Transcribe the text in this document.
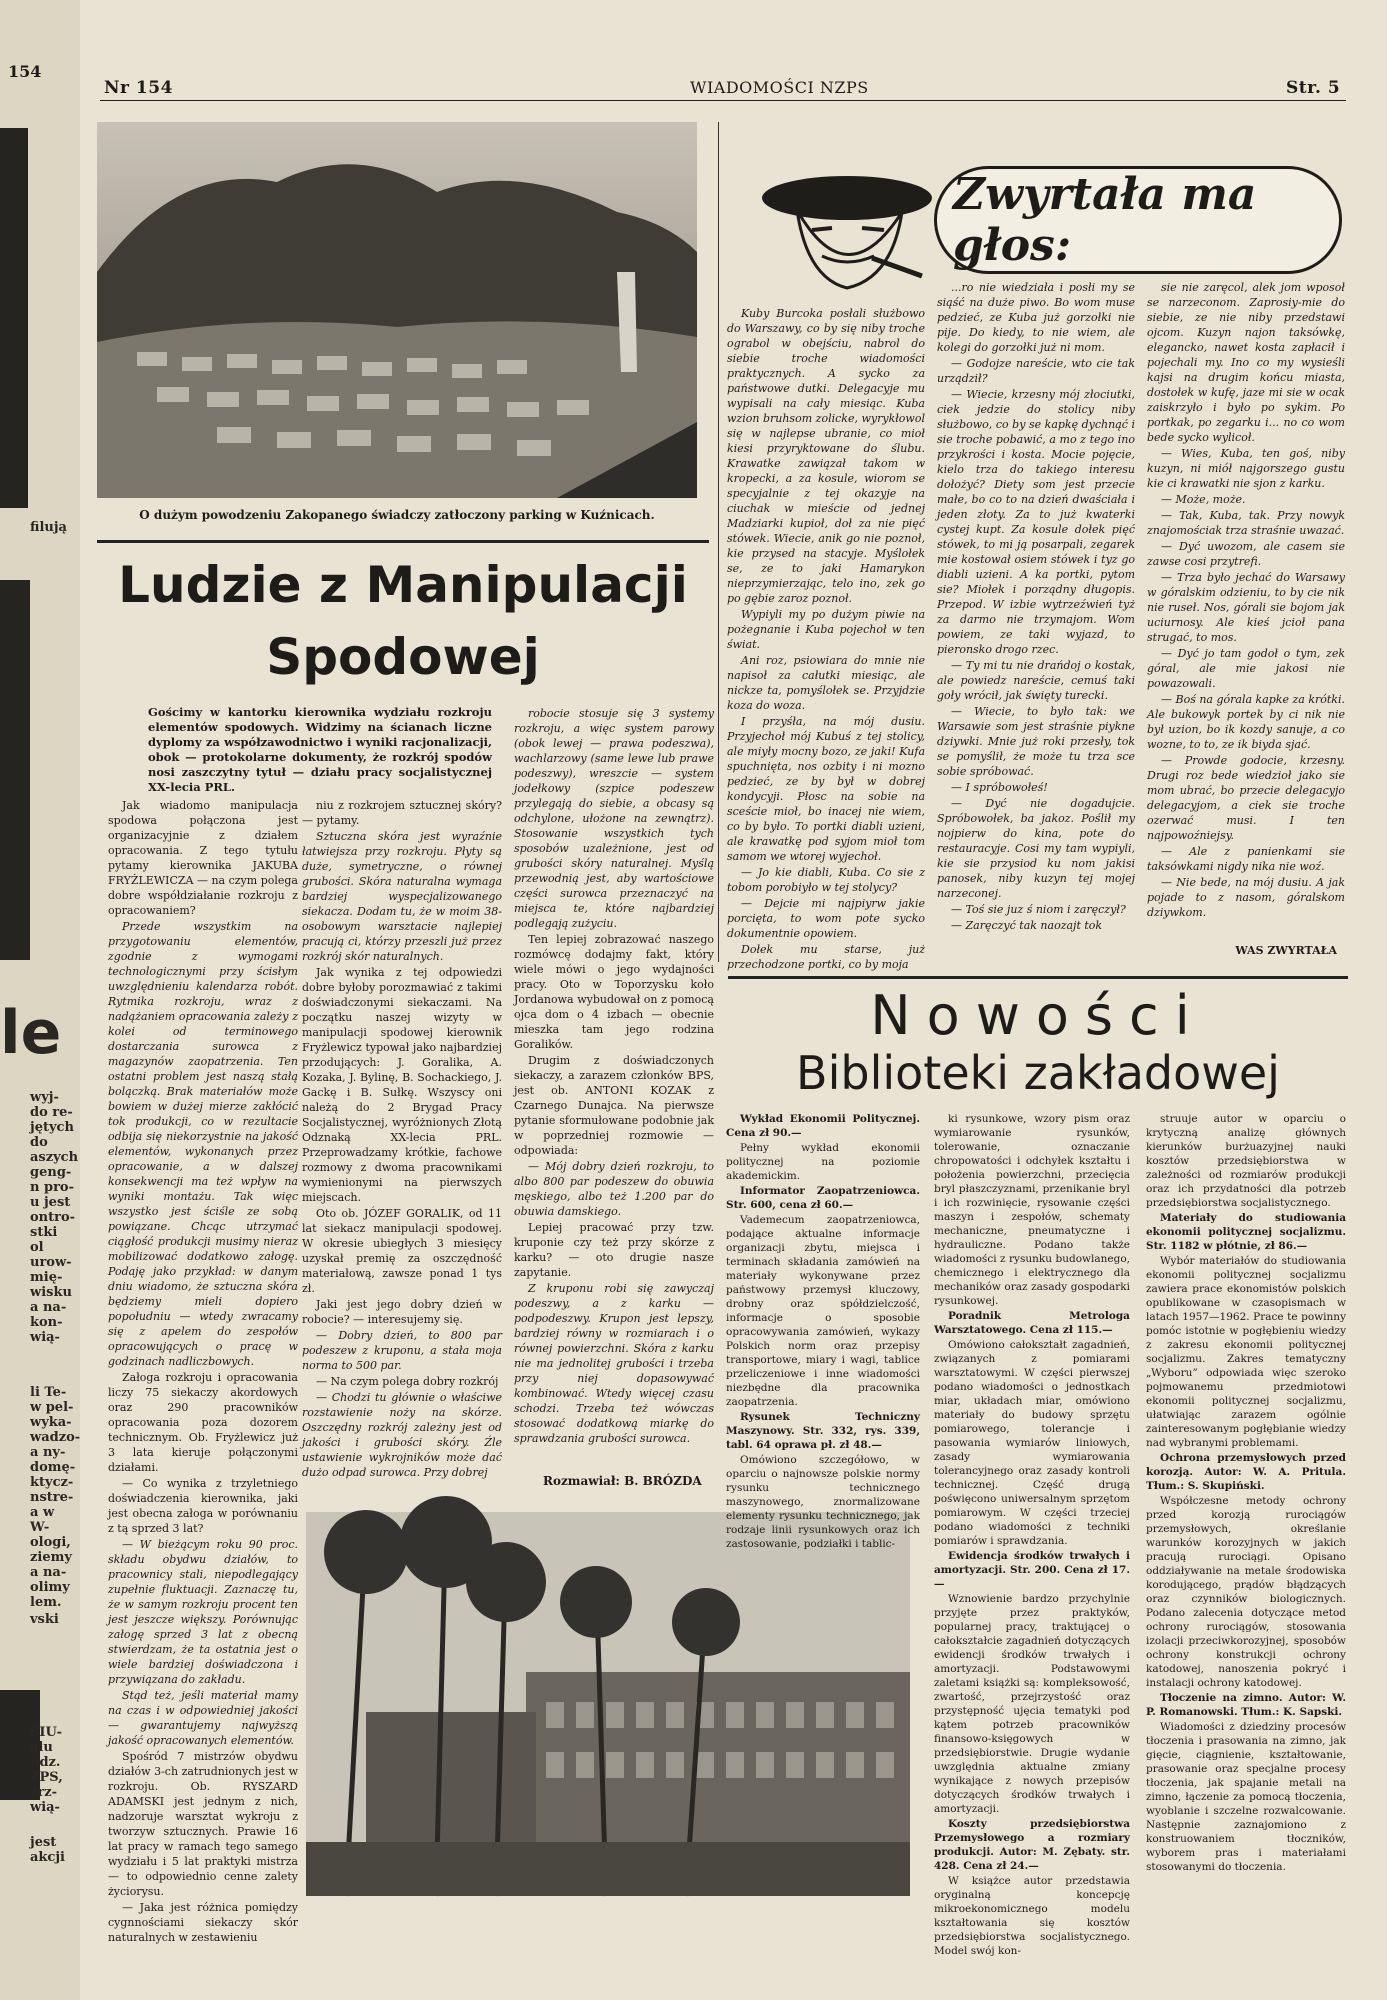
filują
le
wyj-
do re-
jętych
do
aszych
geng-
n pro-
u jest
ontro-
stki
ol
urow-
mię-
wisku
a na-
kon-
wią-
li Te-
w pel-
wyka-
wadzo-
a ny-
domę-
ktycz-
nstre-
a w
W-
ologi,
ziemy
a na-
olimy
lem.
vski
SIU-
alu
udz.
ZPS,
zrz-
wią-
jest
akcji
154
Nr 154	WIADOMOŚCI NZPS	Str. 5
O dużym powodzeniu Zakopanego świadczy zatłoczony parking w Kuźnicach.
Ludzie z Manipulacji
Spodowej
Gościmy w kantorku kierownika wydziału rozkroju elementów spodowych. Widzimy na ścianach liczne dyplomy za współzawodnictwo i wyniki racjonalizacji, obok — protokolarne dokumenty, że rozkrój spodów nosi zaszczytny tytuł — działu pracy socjalistycznej XX-lecia PRL.

Jak wiadomo manipulacja spodowa połączona jest organizacyjnie z działem opracowania. Z tego tytułu pytamy kierownika JAKUBA FRYŻLEWICZA — na czym polega dobre współdziałanie rozkroju z opracowaniem?

Przede wszystkim na przygotowaniu elementów, zgodnie z wymogami technologicznymi przy ścisłym uwzględnieniu kalendarza robót. Rytmika rozkroju, wraz z nadążaniem opracowania zależy z kolei od terminowego dostarczania surowca z magazynów zaopatrzenia. Ten ostatni problem jest naszą stałą bolączką. Brak materiałów może bowiem w dużej mierze zakłócić tok produkcji, co w rezultacie odbija się niekorzystnie na jakość elementów, wykonanych przez opracowanie, a w dalszej konsekwencji ma też wpływ na wyniki montażu. Tak więc wszystko jest ściśle ze sobą powiązane. Chcąc utrzymać ciągłość produkcji musimy nieraz mobilizować dodatkowo załogę. Podaję jako przykład: w danym dniu wiadomo, że sztuczna skóra będziemy mieli dopiero popołudniu — wtedy zwracamy się z apelem do zespołów opracowujących o pracę w godzinach nadliczbowych.

Załoga rozkroju i opracowania liczy 75 siekaczy akordowych oraz 290 pracowników opracowania poza dozorem technicznym. Ob. Fryżlewicz już 3 lata kieruje połączonymi działami.

— Co wynika z trzyletniego doświadczenia kierownika, jaki jest obecna załoga w porównaniu z tą sprzed 3 lat?

— W bieżącym roku 90 proc. składu obydwu działów, to pracownicy stali, niepodlegający zupełnie fluktuacji. Zaznaczę tu, że w samym rozkroju procent ten jest jeszcze większy. Porównując załogę sprzed 3 lat z obecną stwierdzam, że ta ostatnia jest o wiele bardziej doświadczona i przywiązana do zakładu.

Stąd też, jeśli materiał mamy na czas i w odpowiedniej jakości — gwarantujemy najwyższą jakość opracowanych elementów.

Spośród 7 mistrzów obydwu działów 3-ch zatrudnionych jest w rozkroju. Ob. RYSZARD ADAMSKI jest jednym z nich, nadzoruje warsztat wykroju z tworzyw sztucznych. Prawie 16 lat pracy w ramach tego samego wydziału i 5 lat praktyki mistrza — to odpowiednio cenne zalety życiorysu.

— Jaka jest różnica pomiędzy cygnnościami siekaczy skór naturalnych w zestawieniu

niu z rozkrojem sztucznej skóry? — pytamy.

Sztuczna skóra jest wyraźnie łatwiejsza przy rozkroju. Płyty są duże, symetryczne, o równej grubości. Skóra naturalna wymaga bardziej wyspecjalizowanego siekacza. Dodam tu, że w moim 38-osobowym warsztacie najlepiej pracują ci, którzy przeszli już przez rozkrój skór naturalnych.

Jak wynika z tej odpowiedzi dobre byłoby porozmawiać z takimi doświadczonymi siekaczami. Na początku naszej wizyty w manipulacji spodowej kierownik Fryżlewicz typował jako najbardziej przodujących: J. Goralika, A. Kozaka, J. Bylinę, B. Sochackiego, J. Gackę i B. Sułkę. Wszyscy oni należą do 2 Brygad Pracy Socjalistycznej, wyróżnionych Złotą Odznaką XX-lecia PRL. Przeprowadzamy krótkie, fachowe rozmowy z dwoma pracownikami wymienionymi na pierwszych miejscach.

Oto ob. JÓZEF GORALIK, od 11 lat siekacz manipulacji spodowej. W okresie ubiegłych 3 miesięcy uzyskał premię za oszczędność materiałową, zawsze ponad 1 tys zł.

Jaki jest jego dobry dzień w robocie? — interesujemy się.

— Dobry dzień, to 800 par podeszew z kruponu, a stała moja norma to 500 par.

— Na czym polega dobry rozkrój

— Chodzi tu głównie o właściwe rozstawienie noży na skórze. Oszczędny rozkrój zależny jest od jakości i grubości skóry. Źle ustawienie wykrojników może dać dużo odpad surowca. Przy dobrej

robocie stosuje się 3 systemy rozkroju, a więc system parowy (obok lewej — prawa podeszwa), wachlarzowy (same lewe lub prawe podeszwy), wreszcie — system jodełkowy (szpice podeszew przylegają do siebie, a obcasy są odchylone, ułożone na zewnątrz). Stosowanie wszystkich tych sposobów uzależnione, jest od grubości skóry naturalnej. Myślą przewodnią jest, aby wartościowe części surowca przeznaczyć na miejsca te, które najbardziej podlegają zużyciu.

Ten lepiej zobrazować naszego rozmówcę dodajmy fakt, który wiele mówi o jego wydajności pracy. Oto w Toporzysku koło Jordanowa wybudował on z pomocą ojca dom o 4 izbach — obecnie mieszka tam jego rodzina Goralików.

Drugim z doświadczonych siekaczy, a zarazem członków BPS, jest ob. ANTONI KOZAK z Czarnego Dunajca. Na pierwsze pytanie sformułowane podobnie jak w poprzedniej rozmowie — odpowiada:

— Mój dobry dzień rozkroju, to albo 800 par podeszew do obuwia męskiego, albo też 1.200 par do obuwia damskiego.

Lepiej pracować przy tzw. kruponie czy też przy skórze z karku? — oto drugie nasze zapytanie.

Z kruponu robi się zawyczaj podeszwy, a z karku — podpodeszwy. Krupon jest lepszy, bardziej równy w rozmiarach i o równej powierzchni. Skóra z karku nie ma jednolitej grubości i trzeba przy niej dopasowywać kombinować. Wtedy więcej czasu schodzi. Trzeba też wówczas stosować dodatkową miarkę do sprawdzania grubości surowca.

Rozmawiał: B. BRÓZDA
Zwyrtała ma głos:

Kuby Burcoka posłali służbowo do Warszawy, co by się niby troche ograbol w obejściu, nabrol do siebie troche wiadomości praktycznych. A sycko za państwowe dutki. Delegacyje mu wypisali na cały miesiąc. Kuba wzion bruhsom zolicke, wyrykłowol się w najlepse ubranie, co mioł kiesi przyryktowane do ślubu. Krawatke zawiązał takom w kropecki, a za kosule, wiorom se specyjalnie z tej okazyje na ciuchak w mieście od jednej Madziarki kupioł, doł za nie pięć stówek. Wiecie, anik go nie poznoł, kie przysed na stacyje. Myślołek se, ze to jaki Hamarykon nieprzymierzając, telo ino, zek go po gębie zaroz poznoł.

Wypiyli my po dużym piwie na pożegnanie i Kuba pojechoł w ten świat.

Ani roz, psiowiara do mnie nie napisoł za całutki miesiąc, ale nickze ta, pomyślołek se. Przyjdzie koza do woza.

I przyśła, na mój dusiu. Przyjechoł mój Kubuś z tej stolicy, ale miyły mocny bozo, ze jaki! Kufa spuchnięta, nos ozbity i ni mozno pedzieć, ze by był w dobrej kondycyji. Płosc na sobie na sceście mioł, bo inacej nie wiem, co by było. To portki diabli uzieni, ale krawatkę pod syjom mioł tom samom we wtorej wyjechoł.

— Jo kie diabli, Kuba. Co sie z tobom porobiyło w tej stolycy?

— Dejcie mi najpiyrw jakie porcięta, to wom pote sycko dokumentnie opowiem.

Dołek mu starse, już przechodzone portki, co by moja

...ro nie wiedziała i posłi my se siąść na duże piwo. Bo wom muse pedzieć, ze Kuba już gorzołki nie pije. Do kiedy, to nie wiem, ale kolegi do gorzołki już ni mom.

— Godojze nareście, wto cie tak urządził?

— Wiecie, krzesny mój złociutki, ciek jedzie do stolicy niby służbowo, co by se kapkę dychnąć i sie troche pobawić, a mo z tego ino przykrości i kosta. Mocie pojęcie, kielo trza do takiego interesu dołożyć? Diety som jest przecie małe, bo co to na dzień dwaściała i jeden złoty. Za to już kwaterki cystej kupt. Za kosule dołek pięć stówek, to mi ją posarpali, zegarek mie kostował osiem stówek i tyz go diabli uzieni. A ka portki, pytom sie? Miołek i porządny długopis. Przepod. W izbie wytrzeźwień tyż za darmo nie trzymajom. Wom powiem, ze taki wyjazd, to pieronsko drogo rzec.

— Ty mi tu nie drańdoj o kostak, ale powiedz nareście, cemuś taki goły wrócił, jak święty turecki.

— Wiecie, to było tak: we Warsawie som jest straśnie piykne dziywki. Mnie już roki przesły, tok se pomyślił, że może tu trza sce sobie spróbować.

— I spróbowołeś!

— Dyć nie dogadujcie. Spróbowołek, ba jakoz. Poślił my nojpierw do kina, pote do restauracyje. Cosi my tam wypiyli, kie sie przysiod ku nom jakisi panosek, niby kuzyn tej mojej narzeconej.

— Toś sie juz ś niom i zaręczył?

— Zaręczyć tak naozajt tok

sie nie zaręcol, alek jom wposoł se narzeconom. Zaprosiy-mie do siebie, ze nie niby przedstawi ojcom. Kuzyn najon taksówkę, elegancko, nawet kosta zapłacił i pojechali my. Ino co my wysieśli kajsi na drugim końcu miasta, dostołek w kufę, jaze mi sie w ocak zaiskrzyło i było po sykim. Po portkak, po zegarku i... no co wom bede sycko wylicoł.

— Wies, Kuba, ten goś, niby kuzyn, ni miół najgorszego gustu kie ci krawatki nie sjon z karku.

— Może, może.

— Tak, Kuba, tak. Przy nowyk znajomościak trza straśnie uwazać.

— Dyć uwozom, ale casem sie zawse cosi przytrefi.

— Trza było jechać do Warsawy w góralskim odzieniu, to by cie nik nie ruseł. Nos, górali sie bojom jak uciurnosy. Ale kieś jcioł pana strugać, to mos.

— Dyć jo tam godoł o tym, zek góral, ale mie jakosi nie powazowali.

— Boś na górala kapke za krótki. Ale bukowyk portek by ci nik nie był uzion, bo ik kozdy sanuje, a co wozne, to to, ze ik biyda sjać.

— Prowde godocie, krzesny. Drugi roz bede wiedzioł jako sie mom ubrać, bo przecie delegacyjo delegacyjom, a ciek sie troche ozerwać musi. I ten najpowoźniejsy.

— Ale z panienkami sie taksówkami nigdy nika nie woź.

— Nie bede, na mój dusiu. A jak pojade to z nasom, góralskom dziywkom.

WAS ZWYRTAŁA
Nowości
Biblioteki zakładowej

Wykład Ekonomii Politycznej. Cena zł 90.—

Pełny wykład ekonomii politycznej na poziomie akademickim.

Informator Zaopatrzeniowca. Str. 600, cena zł 60.—

Vademecum zaopatrzeniowca, podające aktualne informacje organizacji zbytu, miejsca i terminach składania zamówień na materiały wykonywane przez państwowy przemysł kluczowy, drobny oraz spółdzielczość, informacje o sposobie opracowywania zamówień, wykazy Polskich norm oraz przepisy transportowe, miary i wagi, tablice przeliczeniowe i inne wiadomości niezbędne dla pracownika zaopatrzenia.

Rysunek Techniczny Maszynowy. Str. 332, rys. 339, tabl. 64 oprawa pł. zł 48.—

Omówiono szczegółowo, w oparciu o najnowsze polskie normy rysunku technicznego maszynowego, znormalizowane elementy rysunku technicznego, jak rodzaje linii rysunkowych oraz ich zastosowanie, podziałki i tablic-

ki rysunkowe, wzory pism oraz wymiarowanie rysunków, tolerowanie, oznaczanie chropowatości i odchyłek kształtu i położenia powierzchni, przecięcia bryl płaszczyznami, przenikanie bryl i ich rozwinięcie, rysowanie części maszyn i zespołów, schematy mechaniczne, pneumatyczne i hydrauliczne. Podano także wiadomości z rysunku budowlanego, chemicznego i elektrycznego dla mechaników oraz zasady gospodarki rysunkowej.

Poradnik Metrologa Warsztatowego. Cena zł 115.—

Omówiono całokształt zagadnień, związanych z pomiarami warsztatowymi. W części pierwszej podano wiadomości o jednostkach miar, układach miar, omówiono materiały do budowy sprzętu pomiarowego, tolerancje i pasowania wymiarów liniowych, zasady wymiarowania tolerancyjnego oraz zasady kontroli technicznej. Część drugą poświęcono uniwersalnym sprzętom pomiarowym. W części trzeciej podano wiadomości z techniki pomiarów i sprawdzania.

Ewidencja środków trwałych i amortyzacji. Str. 200. Cena zł 17.—

Wznowienie bardzo przychylnie przyjęte przez praktyków, popularnej pracy, traktującej o całokształcie zagadnień dotyczących ewidencji środków trwałych i amortyzacji. Podstawowymi zaletami książki są: kompleksowość, zwartość, przejrzystość oraz przystępność ujęcia tematyki pod kątem potrzeb pracowników finansowo-księgowych w przedsiębiorstwie. Drugie wydanie uwzględnia aktualne zmiany wynikające z nowych przepisów dotyczących środków trwałych i amortyzacji.

Koszty przedsiębiorstwa Przemysłowego a rozmiary produkcji. Autor: M. Zębaty. str. 428. Cena zł 24.—

W książce autor przedstawia oryginalną koncepcję mikroekonomicznego modelu kształtowania się kosztów przedsiębiorstwa socjalistycznego. Model swój kon-

struuje autor w oparciu o krytyczną analizę głównych kierunków burżuazyjnej nauki kosztów przedsiębiorstwa w zależności od rozmiarów produkcji oraz ich przydatności dla potrzeb przedsiębiorstwa socjalistycznego.

Materiały do studiowania ekonomii politycznej socjalizmu. Str. 1182 w płótnie, zł 86.—

Wybór materiałów do studiowania ekonomii politycznej socjalizmu zawiera prace ekonomistów polskich opublikowane w czasopismach w latach 1957—1962. Prace te powinny pomóc istotnie w pogłębieniu wiedzy z zakresu ekonomii politycznej socjalizmu. Zakres tematyczny „Wyboru” odpowiada więc szeroko pojmowanemu przedmiotowi ekonomii politycznej socjalizmu, ułatwiając zarazem ogólnie zainteresowanym pogłębianie wiedzy nad wybranymi problemami.

Ochrona przemysłowych przed korozją. Autor: W. A. Pritula. Tłum.: S. Skupiński.

Współczesne metody ochrony przed korozją rurociągów przemysłowych, określanie warunków korozyjnych w jakich pracują rurociągi. Opisano oddziaływanie na metale środowiska korodującego, prądów błądzących oraz czynników biologicznych. Podano zalecenia dotyczące metod ochrony rurociągów, stosowania izolacji przeciwkorozyjnej, sposobów ochrony konstrukcji ochrony katodowej, nanoszenia pokryć i instalacji ochrony katodowej.

Tłoczenie na zimno. Autor: W. P. Romanowski. Tłum.: K. Sapski.

Wiadomości z dziedziny procesów tłoczenia i prasowania na zimno, jak gięcie, ciągnienie, kształtowanie, prasowanie oraz specjalne procesy tłoczenia, jak spajanie metali na zimno, łączenie za pomocą tłoczenia, wyoblanie i szczelne rozwalcowanie. Następnie zaznajomiono z konstruowaniem tłoczników, wyborem pras i materiałami stosowanymi do tłoczenia.
